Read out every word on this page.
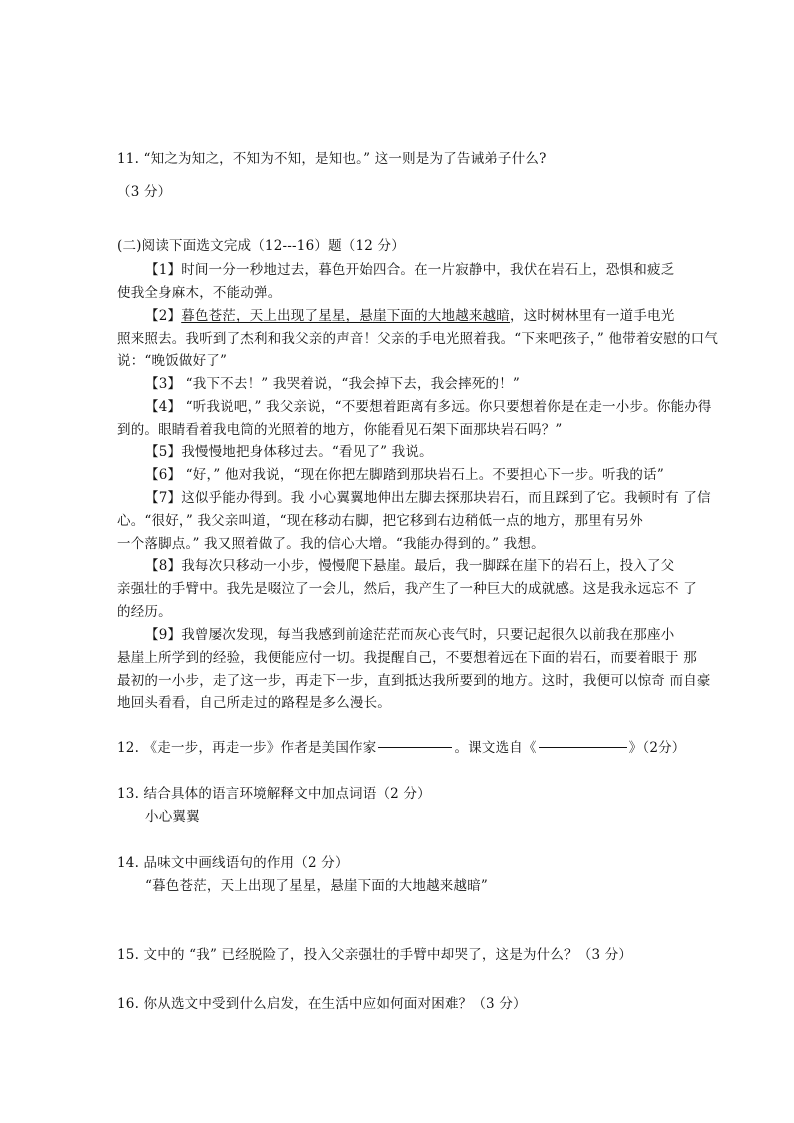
11. “知之为知之，不知为不知，是知也。” 这一则是为了告诫弟子什么?
（3 分）
(二)阅读下面选文完成（12---16）题（12 分）
【1】时间一分一秒地过去，暮色开始四合。在一片寂静中，我伏在岩石上，恐惧和疲乏
使我全身麻木，不能动弹。
【2】暮色苍茫，天上出现了星星，悬崖下面的大地越来越暗，这时树林里有一道手电光
照来照去。我听到了杰利和我父亲的声音！父亲的手电光照着我。“下来吧孩子，” 他带着安慰的口气
说：“晚饭做好了”
【3】 “我下不去！” 我哭着说，“我会掉下去，我会摔死的！”
【4】 “听我说吧，” 我父亲说，“不要想着距离有多远。你只要想着你是在走一小步。你能办得
到的。眼睛看着我电筒的光照着的地方，你能看见石架下面那块岩石吗？”
【5】我慢慢地把身体移过去。“看见了” 我说。
【6】 “好，” 他对我说，“现在你把左脚踏到那块岩石上。不要担心下一步。听我的话”
【7】这似乎能办得到。我 小心翼翼地伸出左脚去探那块岩石，而且踩到了它。我顿时有 了信
心。“很好，” 我父亲叫道，“现在移动右脚，把它移到右边稍低一点的地方，那里有另外
一个落脚点。” 我又照着做了。我的信心大增。“我能办得到的。” 我想。
【8】我每次只移动一小步，慢慢爬下悬崖。最后，我一脚踩在崖下的岩石上，投入了父
亲强壮的手臂中。我先是啜泣了一会儿，然后，我产生了一种巨大的成就感。这是我永远忘不 了
的经历。
【9】我曾屡次发现，每当我感到前途茫茫而灰心丧气时，只要记起很久以前我在那座小
悬崖上所学到的经验，我便能应付一切。我提醒自己，不要想着远在下面的岩石，而要着眼于 那
最初的一小步，走了这一步，再走下一步，直到抵达我所要到的地方。这时，我便可以惊奇 而自豪
地回头看看，自己所走过的路程是多么漫长。
12. 《走一步，再走一步》作者是美国作家	。课文选自《	》（2分）
13. 结合具体的语言环境解释文中加点词语（2 分）
小心翼翼
14. 品味文中画线语句的作用（2 分）
“暮色苍茫，天上出现了星星，悬崖下面的大地越来越暗”
15. 文中的 “我” 已经脱险了，投入父亲强壮的手臂中却哭了，这是为什么？（3 分）
16. 你从选文中受到什么启发，在生活中应如何面对困难？（3 分）
